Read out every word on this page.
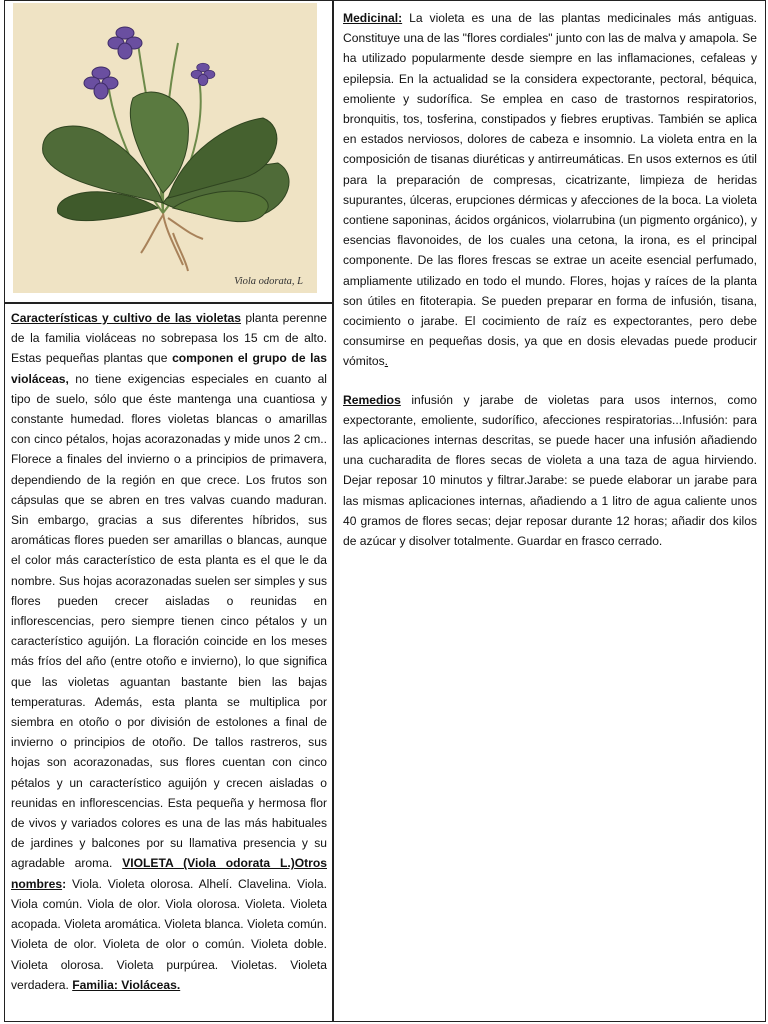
Viola odorata, L

Características y cultivo de las violetas planta perenne de la familia violáceas no sobrepasa los 15 cm de alto. Estas pequeñas plantas que componen el grupo de las violáceas, no tiene exigencias especiales en cuanto al tipo de suelo, sólo que éste mantenga una cuantiosa y constante humedad. flores violetas blancas o amarillas con cinco pétalos, hojas acorazonadas y mide unos 2 cm.. Florece a finales del invierno o a principios de primavera, dependiendo de la región en que crece. Los frutos son cápsulas que se abren en tres valvas cuando maduran. Sin embargo, gracias a sus diferentes híbridos, sus aromáticas flores pueden ser amarillas o blancas, aunque el color más característico de esta planta es el que le da nombre. Sus hojas acorazonadas suelen ser simples y sus flores pueden crecer aisladas o reunidas en inflorescencias, pero siempre tienen cinco pétalos y un característico aguijón. La floración coincide en los meses más fríos del año (entre otoño e invierno), lo que significa que las violetas aguantan bastante bien las bajas temperaturas. Además, esta planta se multiplica por siembra en otoño o por división de estolones a final de invierno o principios de otoño. De tallos rastreros, sus hojas son acorazonadas, sus flores cuentan con cinco pétalos y un característico aguijón y crecen aisladas o reunidas en inflorescencias. Esta pequeña y hermosa flor de vivos y variados colores es una de las más habituales de jardines y balcones por su llamativa presencia y su agradable aroma. VIOLETA (Viola odorata L.)Otros nombres: Viola. Violeta olorosa. Alhelí. Clavelina. Viola. Viola común. Viola de olor. Viola olorosa. Violeta. Violeta acopada. Violeta aromática. Violeta blanca. Violeta común. Violeta de olor. Violeta de olor o común. Violeta doble. Violeta olorosa. Violeta purpúrea. Violetas. Violeta verdadera. Familia: Violáceas.

Medicinal: La violeta es una de las plantas medicinales más antiguas. Constituye una de las "flores cordiales" junto con las de malva y amapola. Se ha utilizado popularmente desde siempre en las inflamaciones, cefaleas y epilepsia. En la actualidad se la considera expectorante, pectoral, béquica, emoliente y sudorífica. Se emplea en caso de trastornos respiratorios, bronquitis, tos, tosferina, constipados y fiebres eruptivas. También se aplica en estados nerviosos, dolores de cabeza e insomnio. La violeta entra en la composición de tisanas diuréticas y antirreumáticas. En usos externos es útil para la preparación de compresas, cicatrizante, limpieza de heridas supurantes, úlceras, erupciones dérmicas y afecciones de la boca. La violeta contiene saponinas, ácidos orgánicos, violarrubina (un pigmento orgánico), y esencias flavonoides, de los cuales una cetona, la irona, es el principal componente. De las flores frescas se extrae un aceite esencial perfumado, ampliamente utilizado en todo el mundo. Flores, hojas y raíces de la planta son útiles en fitoterapia. Se pueden preparar en forma de infusión, tisana, cocimiento o jarabe. El cocimiento de raíz es expectorantes, pero debe consumirse en pequeñas dosis, ya que en dosis elevadas puede producir vómitos.

Remedios infusión y jarabe de violetas para usos internos, como expectorante, emoliente, sudorífico, afecciones respiratorias...Infusión: para las aplicaciones internas descritas, se puede hacer una infusión añadiendo una cucharadita de flores secas de violeta a una taza de agua hirviendo. Dejar reposar 10 minutos y filtrar.Jarabe: se puede elaborar un jarabe para las mismas aplicaciones internas, añadiendo a 1 litro de agua caliente unos 40 gramos de flores secas; dejar reposar durante 12 horas; añadir dos kilos de azúcar y disolver totalmente. Guardar en frasco cerrado.
